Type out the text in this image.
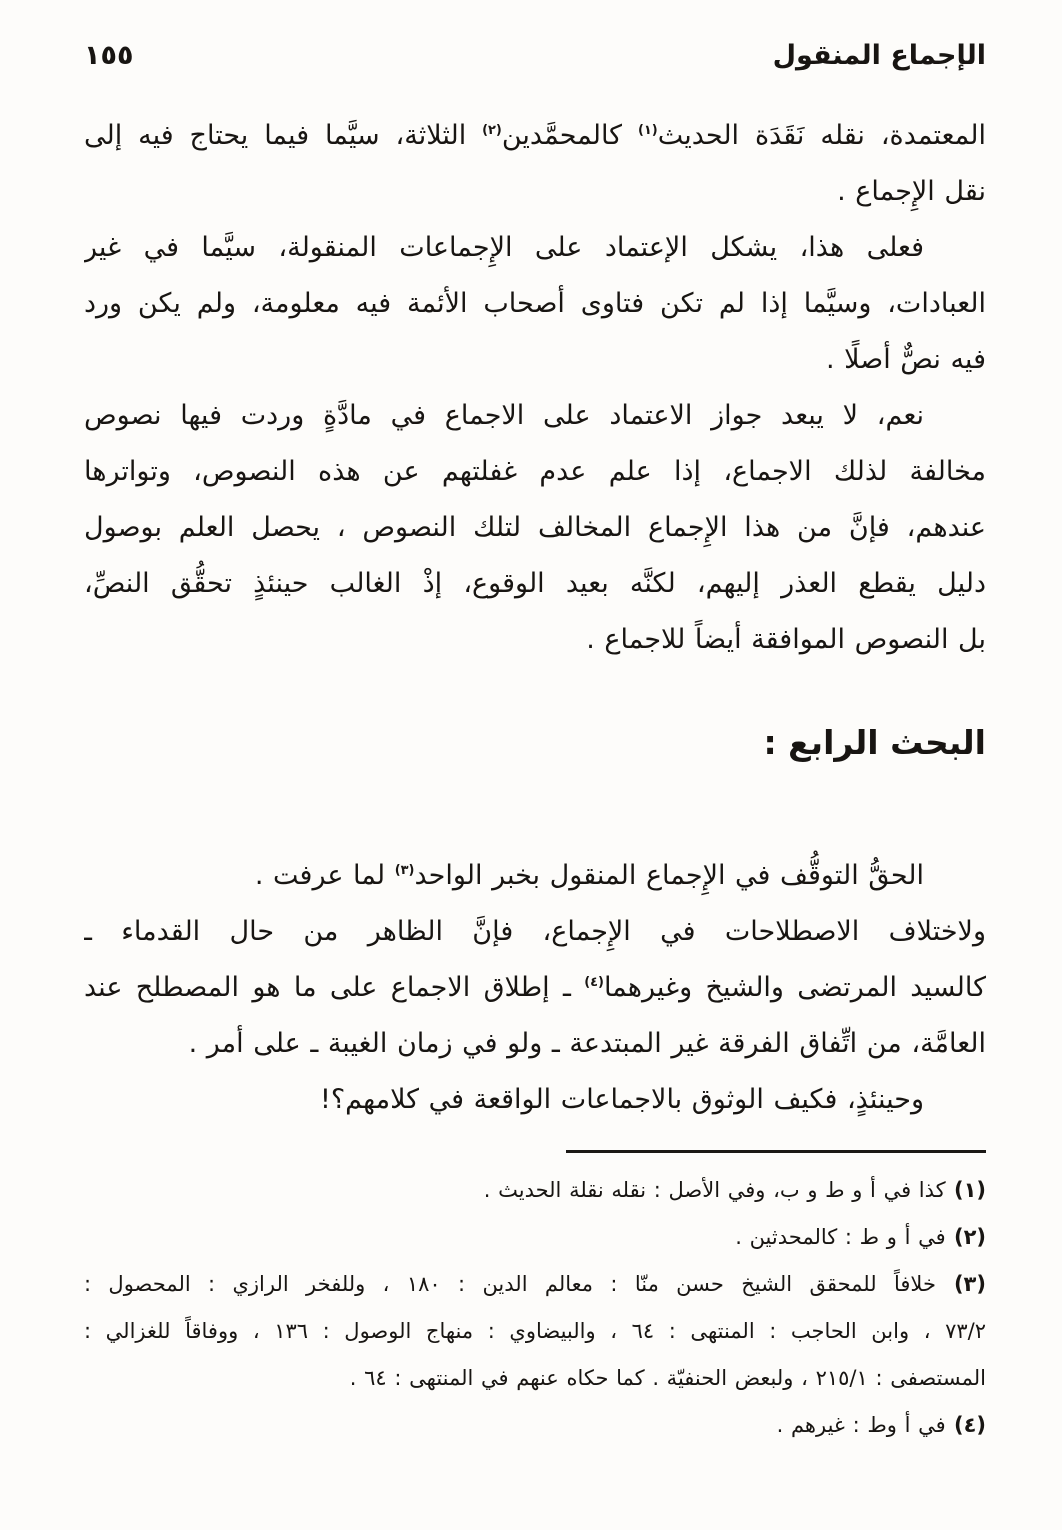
الإجماع المنقول
١٥٥
المعتمدة، نقله نَقَدَة الحديث$^{(١)}$ كالمحمَّدين$^{(٢)}$ الثلاثة، سيَّما فيما يحتاج فيه إلى
نقل الإِجماع .
فعلى هذا، يشكل الإعتماد على الإِجماعات المنقولة، سيَّما في غير
العبادات، وسيَّما إذا لم تكن فتاوى أصحاب الأئمة فيه معلومة، ولم يكن ورد
فيه نصٌّ أصلًا .
نعم، لا يبعد جواز الاعتماد على الاجماع في مادَّةٍ وردت فيها نصوص
مخالفة لذلك الاجماع، إذا علم عدم غفلتهم عن هذه النصوص، وتواترها
عندهم، فإنَّ من هذا الإِجماع المخالف لتلك النصوص ، يحصل العلم بوصول
دليل يقطع العذر إليهم، لكنَّه بعيد الوقوع، إذْ الغالب حينئذٍ تحقُّق النصِّ،
بل النصوص الموافقة أيضاً للاجماع .
البحث الرابع :
الحقُّ التوقُّف في الإِجماع المنقول بخبر الواحد$^{(٣)}$ لما عرفت .
ولاختلاف الاصطلاحات في الإِجماع، فإنَّ الظاهر من حال القدماء ـ
كالسيد المرتضى والشيخ وغيرهما$^{(٤)}$ ـ إطلاق الاجماع على ما هو المصطلح عند
العامَّة، من اتِّفاق الفرقة غير المبتدعة ـ ولو في زمان الغيبة ـ على أمر .
وحينئذٍ، فكيف الوثوق بالاجماعات الواقعة في كلامهم؟!
(١) كذا في أ و ط و ب، وفي الأصل : نقله نقلة الحديث .
(٢) في أ و ط : كالمحدثين .
(٣) خلافاً للمحقق الشيخ حسن منّا : معالم الدين : ١٨٠ ، وللفخر الرازي : المحصول :
٧٣/٢ ، وابن الحاجب : المنتهى : ٦٤ ، والبيضاوي : منهاج الوصول : ١٣٦ ، ووفاقاً للغزالي :
المستصفى : ٢١٥/١ ، ولبعض الحنفيّة . كما حكاه عنهم في المنتهى : ٦٤ .
(٤) في أ وط : غيرهم .
